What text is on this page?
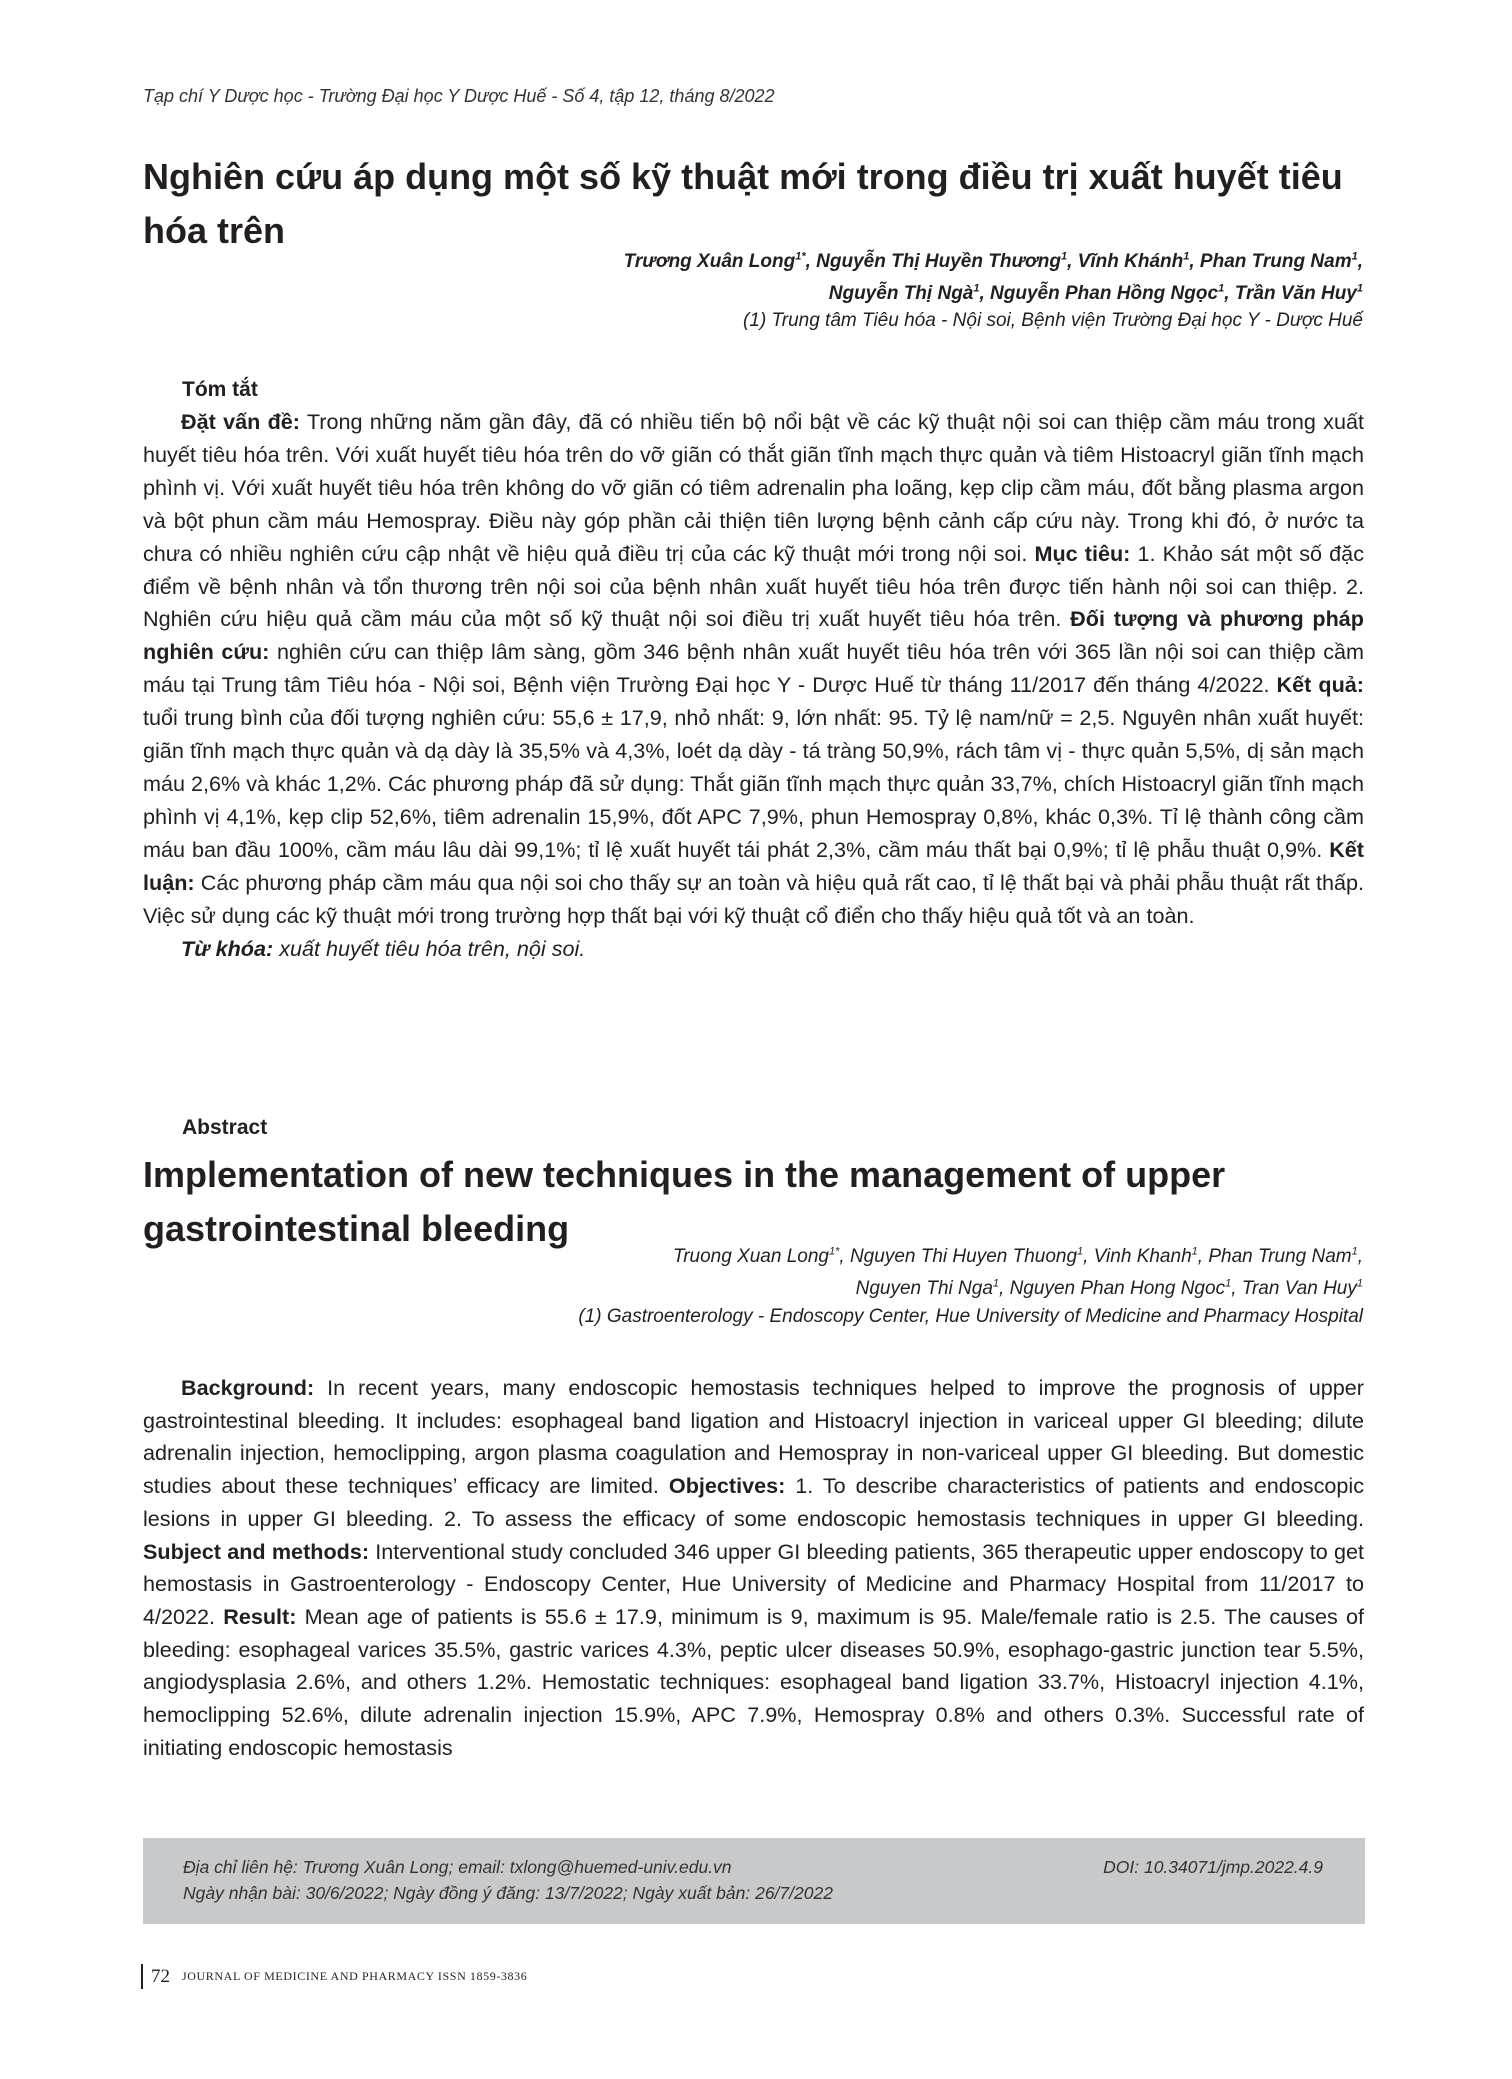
Tạp chí Y Dược học - Trường Đại học Y Dược Huế - Số 4, tập 12, tháng 8/2022
Nghiên cứu áp dụng một số kỹ thuật mới trong điều trị xuất huyết tiêu hóa trên
Trương Xuân Long$^{1*}$, Nguyễn Thị Huyền Thương$^1$, Vĩnh Khánh$^1$, Phan Trung Nam$^1$,
Nguyễn Thị Ngà$^1$, Nguyễn Phan Hồng Ngọc$^1$, Trần Văn Huy$^1$
(1) Trung tâm Tiêu hóa - Nội soi, Bệnh viện Trường Đại học Y - Dược Huế
Tóm tắt

Đặt vấn đề: Trong những năm gần đây, đã có nhiều tiến bộ nổi bật về các kỹ thuật nội soi can thiệp cầm máu trong xuất huyết tiêu hóa trên. Với xuất huyết tiêu hóa trên do vỡ giãn có thắt giãn tĩnh mạch thực quản và tiêm Histoacryl giãn tĩnh mạch phình vị. Với xuất huyết tiêu hóa trên không do vỡ giãn có tiêm adrenalin pha loãng, kẹp clip cầm máu, đốt bằng plasma argon và bột phun cầm máu Hemospray. Điều này góp phần cải thiện tiên lượng bệnh cảnh cấp cứu này. Trong khi đó, ở nước ta chưa có nhiều nghiên cứu cập nhật về hiệu quả điều trị của các kỹ thuật mới trong nội soi. Mục tiêu: 1. Khảo sát một số đặc điểm về bệnh nhân và tổn thương trên nội soi của bệnh nhân xuất huyết tiêu hóa trên được tiến hành nội soi can thiệp. 2. Nghiên cứu hiệu quả cầm máu của một số kỹ thuật nội soi điều trị xuất huyết tiêu hóa trên. Đối tượng và phương pháp nghiên cứu: nghiên cứu can thiệp lâm sàng, gồm 346 bệnh nhân xuất huyết tiêu hóa trên với 365 lần nội soi can thiệp cầm máu tại Trung tâm Tiêu hóa - Nội soi, Bệnh viện Trường Đại học Y - Dược Huế từ tháng 11/2017 đến tháng 4/2022. Kết quả: tuổi trung bình của đối tượng nghiên cứu: 55,6 ± 17,9, nhỏ nhất: 9, lớn nhất: 95. Tỷ lệ nam/nữ = 2,5. Nguyên nhân xuất huyết: giãn tĩnh mạch thực quản và dạ dày là 35,5% và 4,3%, loét dạ dày - tá tràng 50,9%, rách tâm vị - thực quản 5,5%, dị sản mạch máu 2,6% và khác 1,2%. Các phương pháp đã sử dụng: Thắt giãn tĩnh mạch thực quản 33,7%, chích Histoacryl giãn tĩnh mạch phình vị 4,1%, kẹp clip 52,6%, tiêm adrenalin 15,9%, đốt APC 7,9%, phun Hemospray 0,8%, khác 0,3%. Tỉ lệ thành công cầm máu ban đầu 100%, cầm máu lâu dài 99,1%; tỉ lệ xuất huyết tái phát 2,3%, cầm máu thất bại 0,9%; tỉ lệ phẫu thuật 0,9%. Kết luận: Các phương pháp cầm máu qua nội soi cho thấy sự an toàn và hiệu quả rất cao, tỉ lệ thất bại và phải phẫu thuật rất thấp. Việc sử dụng các kỹ thuật mới trong trường hợp thất bại với kỹ thuật cổ điển cho thấy hiệu quả tốt và an toàn.

Từ khóa: xuất huyết tiêu hóa trên, nội soi.

Abstract
Implementation of new techniques in the management of upper gastrointestinal bleeding
Truong Xuan Long$^{1*}$, Nguyen Thi Huyen Thuong$^1$, Vinh Khanh$^1$, Phan Trung Nam$^1$,
Nguyen Thi Nga$^1$, Nguyen Phan Hong Ngoc$^1$, Tran Van Huy$^1$
(1) Gastroenterology - Endoscopy Center, Hue University of Medicine and Pharmacy Hospital

Background: In recent years, many endoscopic hemostasis techniques helped to improve the prognosis of upper gastrointestinal bleeding. It includes: esophageal band ligation and Histoacryl injection in variceal upper GI bleeding; dilute adrenalin injection, hemoclipping, argon plasma coagulation and Hemospray in non-variceal upper GI bleeding. But domestic studies about these techniques’ efficacy are limited. Objectives: 1. To describe characteristics of patients and endoscopic lesions in upper GI bleeding. 2. To assess the efficacy of some endoscopic hemostasis techniques in upper GI bleeding. Subject and methods: Interventional study concluded 346 upper GI bleeding patients, 365 therapeutic upper endoscopy to get hemostasis in Gastroenterology - Endoscopy Center, Hue University of Medicine and Pharmacy Hospital from 11/2017 to 4/2022. Result: Mean age of patients is 55.6 ± 17.9, minimum is 9, maximum is 95. Male/female ratio is 2.5. The causes of bleeding: esophageal varices 35.5%, gastric varices 4.3%, peptic ulcer diseases 50.9%, esophago-gastric junction tear 5.5%, angiodysplasia 2.6%, and others 1.2%. Hemostatic techniques: esophageal band ligation 33.7%, Histoacryl injection 4.1%, hemoclipping 52.6%, dilute adrenalin injection 15.9%, APC 7.9%, Hemospray 0.8% and others 0.3%. Successful rate of initiating endoscopic hemostasis

Địa chỉ liên hệ: Trương Xuân Long; email: txlong@huemed-univ.edu.vn	DOI: 10.34071/jmp.2022.4.9
Ngày nhận bài: 30/6/2022; Ngày đồng ý đăng: 13/7/2022; Ngày xuất bản: 26/7/2022
72 JOURNAL OF MEDICINE AND PHARMACY ISSN 1859-3836
